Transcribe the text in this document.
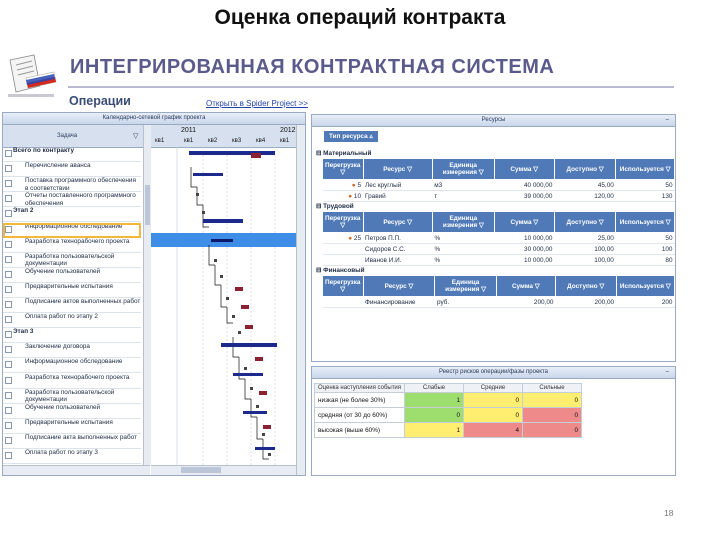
Оценка операций контракта
ИНТЕГРИРОВАННАЯ КОНТРАКТНАЯ СИСТЕМА
Операции	Открыть в Spider Project >>
Календарно-сетевой график проекта
Задача	▽
Всего по контракту
Перечисление аванса
Поставка программного обеспечения в соответствии
Отчеты поставленного программного обеспечения
Этап 2
Информационное обследование
Разработка технорабочего проекта
Разработка пользовательской документации
Обучение пользователей
Предварительные испытания
Подписание актов выполненных работ
Оплата работ по этапу 2
Этап 3
Заключение договора
Информационное обследование
Разработка технорабочего проекта
Разработка пользовательской документации
Обучение пользователей
Предварительные испытания
Подписание акта выполненных работ
Оплата работ по этапу 3
2011	2012
кв1	кв1 кв2 кв3 кв4 кв1
Ресурсы	–
Тип ресурса ▵
⊟ Материальный
Перегрузка ▽	Ресурс ▽	Единица измерения ▽	Сумма ▽	Доступно ▽	Используется ▽
● 5	Лес круглый	м3	40 000,00	45,00	50
● 10	Гравий	т	39 000,00	120,00	130
⊟ Трудовой
Перегрузка ▽	Ресурс ▽	Единица измерения ▽	Сумма ▽	Доступно ▽	Используется ▽
● 25	Петров П.П.	%	10 000,00	25,00	50
	Сидоров С.С.	%	30 000,00	100,00	100
	Иванов И.И.	%	10 000,00	100,00	80
⊟ Финансовый
Перегрузка ▽	Ресурс ▽	Единица измерения ▽	Сумма ▽	Доступно ▽	Используется ▽
	Финансирование	руб.	200,00	200,00	200
Реестр рисков операции/фазы проекта	–
Оценка наступления события	Слабые	Средние	Сильные
низкая (не более 30%)	1	0	0
средняя (от 30 до 60%)	0	0	0
высокая (выше 60%)	1	4	0
18
